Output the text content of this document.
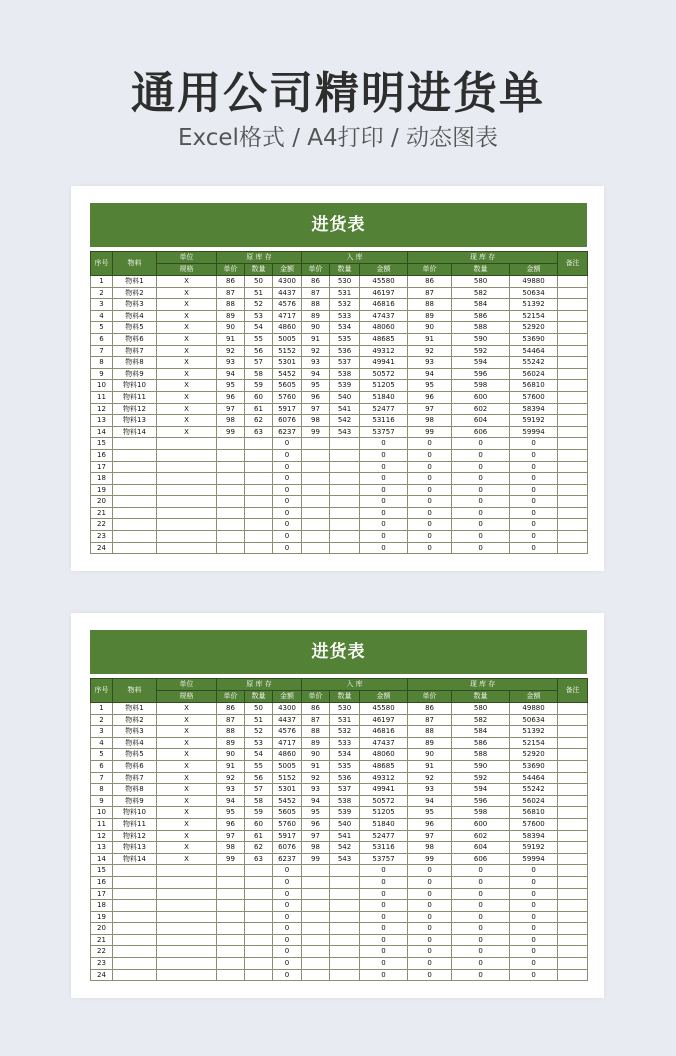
通用公司精明进货单
Excel格式 / A4打印 / 动态图表
进货表
序号	物料	单位	原 库 存			入 库			现 库 存			备注
		规格	单价	数量	金额	单价	数量	金额	单价	数量	金额	
1	物料1	X	86	50	4300	86	530	45580	86	580	49880	
2	物料2	X	87	51	4437	87	531	46197	87	582	50634	
3	物料3	X	88	52	4576	88	532	46816	88	584	51392	
4	物料4	X	89	53	4717	89	533	47437	89	586	52154	
5	物料5	X	90	54	4860	90	534	48060	90	588	52920	
6	物料6	X	91	55	5005	91	535	48685	91	590	53690	
7	物料7	X	92	56	5152	92	536	49312	92	592	54464	
8	物料8	X	93	57	5301	93	537	49941	93	594	55242	
9	物料9	X	94	58	5452	94	538	50572	94	596	56024	
10	物料10	X	95	59	5605	95	539	51205	95	598	56810	
11	物料11	X	96	60	5760	96	540	51840	96	600	57600	
12	物料12	X	97	61	5917	97	541	52477	97	602	58394	
13	物料13	X	98	62	6076	98	542	53116	98	604	59192	
14	物料14	X	99	63	6237	99	543	53757	99	606	59994	
15					0			0	0	0	0	
16					0			0	0	0	0	
17					0			0	0	0	0	
18					0			0	0	0	0	
19					0			0	0	0	0	
20					0			0	0	0	0	
21					0			0	0	0	0	
22					0			0	0	0	0	
23					0			0	0	0	0	
24					0			0	0	0	0	
进货表
序号	物料	单位	原 库 存			入 库			现 库 存			备注
		规格	单价	数量	金额	单价	数量	金额	单价	数量	金额	
1	物料1	X	86	50	4300	86	530	45580	86	580	49880	
2	物料2	X	87	51	4437	87	531	46197	87	582	50634	
3	物料3	X	88	52	4576	88	532	46816	88	584	51392	
4	物料4	X	89	53	4717	89	533	47437	89	586	52154	
5	物料5	X	90	54	4860	90	534	48060	90	588	52920	
6	物料6	X	91	55	5005	91	535	48685	91	590	53690	
7	物料7	X	92	56	5152	92	536	49312	92	592	54464	
8	物料8	X	93	57	5301	93	537	49941	93	594	55242	
9	物料9	X	94	58	5452	94	538	50572	94	596	56024	
10	物料10	X	95	59	5605	95	539	51205	95	598	56810	
11	物料11	X	96	60	5760	96	540	51840	96	600	57600	
12	物料12	X	97	61	5917	97	541	52477	97	602	58394	
13	物料13	X	98	62	6076	98	542	53116	98	604	59192	
14	物料14	X	99	63	6237	99	543	53757	99	606	59994	
15					0			0	0	0	0	
16					0			0	0	0	0	
17					0			0	0	0	0	
18					0			0	0	0	0	
19					0			0	0	0	0	
20					0			0	0	0	0	
21					0			0	0	0	0	
22					0			0	0	0	0	
23					0			0	0	0	0	
24					0			0	0	0	0	
